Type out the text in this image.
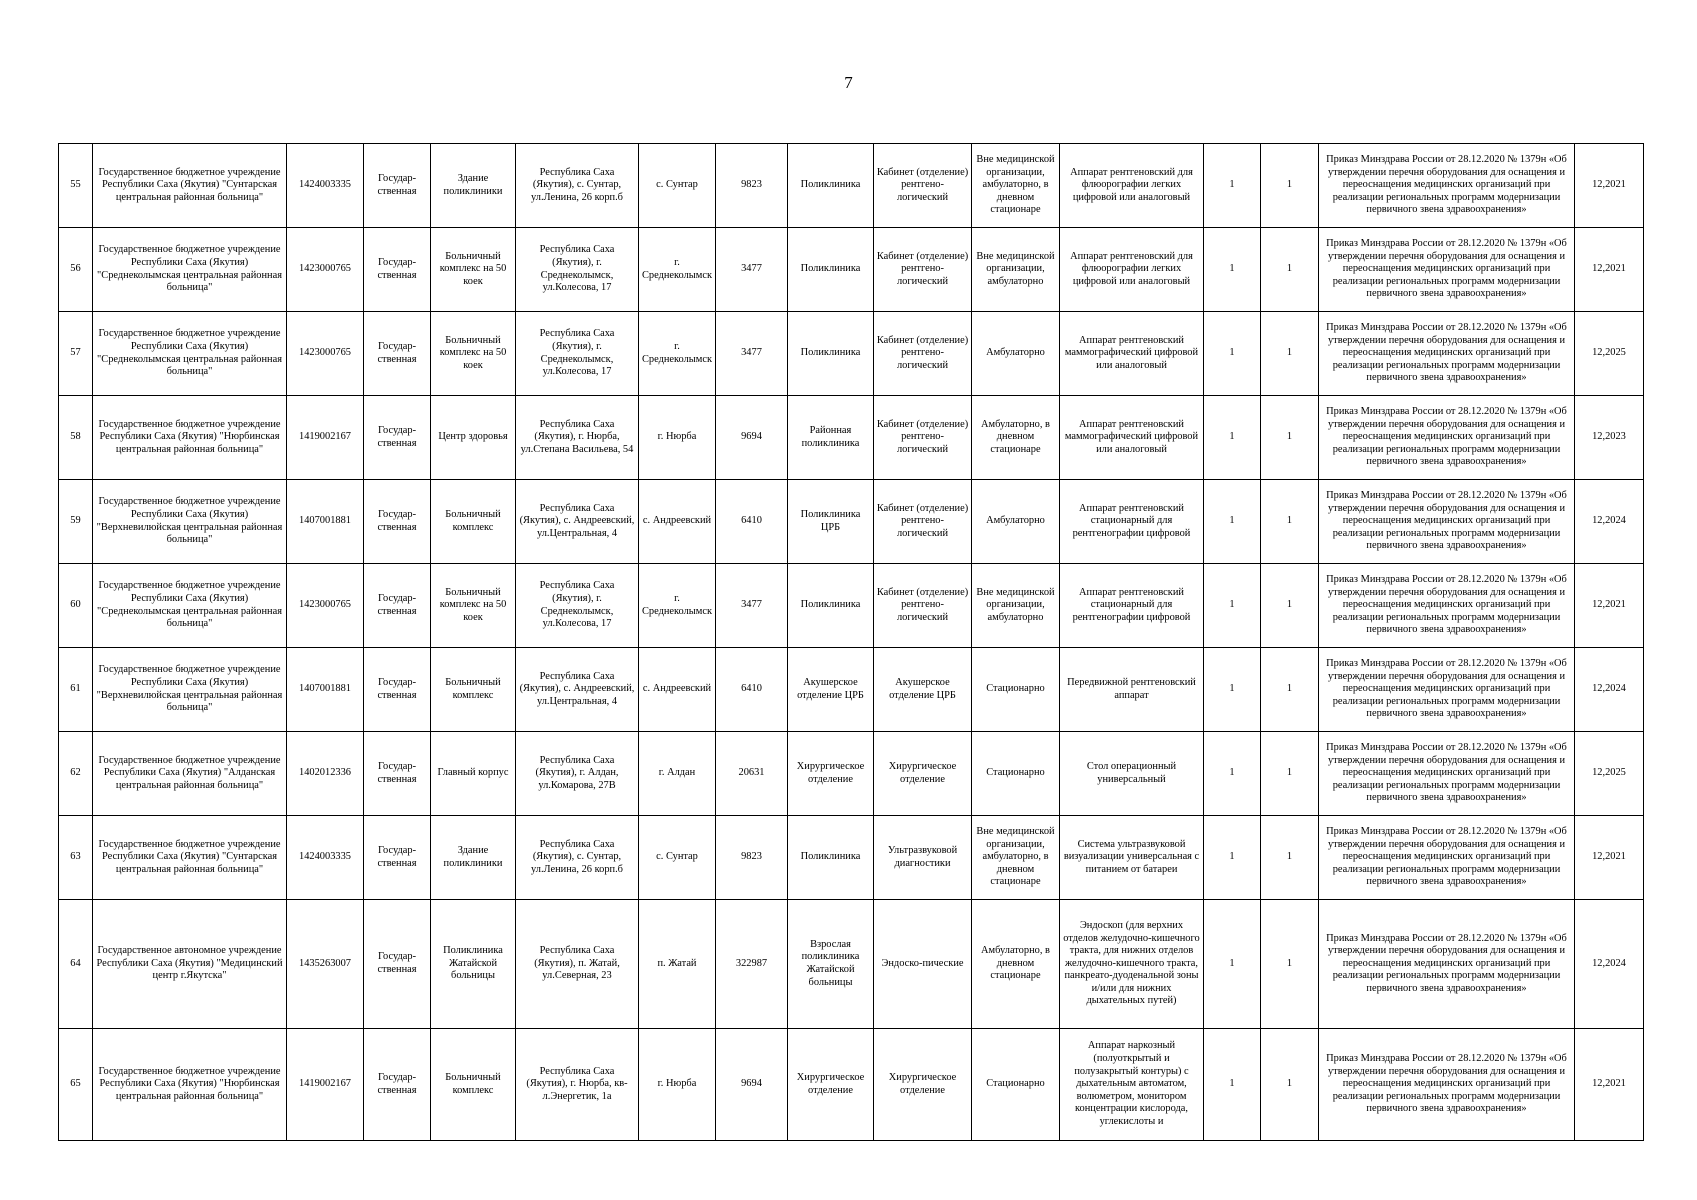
7
55	Государственное бюджетное учреждение Республики Саха (Якутия) "Сунтарская центральная районная больница"	1424003335	Государ-ственная	Здание поликлиники	Республика Саха (Якутия), с. Сунтар, ул.Ленина, 26 корп.б	с. Сунтар	9823	Поликлиника	Кабинет (отделение) рентгено-логический	Вне медицинской организации, амбулаторно, в дневном стационаре	Аппарат рентгеновский для флюорографии легких цифровой или аналоговый	1	1	Приказ Минздрава России от 28.12.2020 № 1379н «Об утверждении перечня оборудования для оснащения и переоснащения медицинских организаций при реализации региональных программ модернизации первичного звена здравоохранения»	12,2021
56	Государственное бюджетное учреждение Республики Саха (Якутия) "Среднеколымская центральная районная больница"	1423000765	Государ-ственная	Больничный комплекс на 50 коек	Республика Саха (Якутия), г. Среднеколымск, ул.Колесова, 17	г. Среднеколымск	3477	Поликлиника	Кабинет (отделение) рентгено-логический	Вне медицинской организации, амбулаторно	Аппарат рентгеновский для флюорографии легких цифровой или аналоговый	1	1	Приказ Минздрава России от 28.12.2020 № 1379н «Об утверждении перечня оборудования для оснащения и переоснащения медицинских организаций при реализации региональных программ модернизации первичного звена здравоохранения»	12,2021
57	Государственное бюджетное учреждение Республики Саха (Якутия) "Среднеколымская центральная районная больница"	1423000765	Государ-ственная	Больничный комплекс на 50 коек	Республика Саха (Якутия), г. Среднеколымск, ул.Колесова, 17	г. Среднеколымск	3477	Поликлиника	Кабинет (отделение) рентгено-логический	Амбулаторно	Аппарат рентгеновский маммографический цифровой или аналоговый	1	1	Приказ Минздрава России от 28.12.2020 № 1379н «Об утверждении перечня оборудования для оснащения и переоснащения медицинских организаций при реализации региональных программ модернизации первичного звена здравоохранения»	12,2025
58	Государственное бюджетное учреждение Республики Саха (Якутия) "Нюрбинская центральная районная больница"	1419002167	Государ-ственная	Центр здоровья	Республика Саха (Якутия), г. Нюрба, ул.Степана Васильева, 54	г. Нюрба	9694	Районная поликлиника	Кабинет (отделение) рентгено-логический	Амбулаторно, в дневном стационаре	Аппарат рентгеновский маммографический цифровой или аналоговый	1	1	Приказ Минздрава России от 28.12.2020 № 1379н «Об утверждении перечня оборудования для оснащения и переоснащения медицинских организаций при реализации региональных программ модернизации первичного звена здравоохранения»	12,2023
59	Государственное бюджетное учреждение Республики Саха (Якутия) "Верхневилюйская центральная районная больница"	1407001881	Государ-ственная	Больничный комплекс	Республика Саха (Якутия), с. Андреевский, ул.Центральная, 4	с. Андреевский	6410	Поликлиника ЦРБ	Кабинет (отделение) рентгено-логический	Амбулаторно	Аппарат рентгеновский стационарный для рентгенографии цифровой	1	1	Приказ Минздрава России от 28.12.2020 № 1379н «Об утверждении перечня оборудования для оснащения и переоснащения медицинских организаций при реализации региональных программ модернизации первичного звена здравоохранения»	12,2024
60	Государственное бюджетное учреждение Республики Саха (Якутия) "Среднеколымская центральная районная больница"	1423000765	Государ-ственная	Больничный комплекс на 50 коек	Республика Саха (Якутия), г. Среднеколымск, ул.Колесова, 17	г. Среднеколымск	3477	Поликлиника	Кабинет (отделение) рентгено-логический	Вне медицинской организации, амбулаторно	Аппарат рентгеновский стационарный для рентгенографии цифровой	1	1	Приказ Минздрава России от 28.12.2020 № 1379н «Об утверждении перечня оборудования для оснащения и переоснащения медицинских организаций при реализации региональных программ модернизации первичного звена здравоохранения»	12,2021
61	Государственное бюджетное учреждение Республики Саха (Якутия) "Верхневилюйская центральная районная больница"	1407001881	Государ-ственная	Больничный комплекс	Республика Саха (Якутия), с. Андреевский, ул.Центральная, 4	с. Андреевский	6410	Акушерское отделение ЦРБ	Акушерское отделение ЦРБ	Стационарно	Передвижной рентгеновский аппарат	1	1	Приказ Минздрава России от 28.12.2020 № 1379н «Об утверждении перечня оборудования для оснащения и переоснащения медицинских организаций при реализации региональных программ модернизации первичного звена здравоохранения»	12,2024
62	Государственное бюджетное учреждение Республики Саха (Якутия) "Алданская центральная районная больница"	1402012336	Государ-ственная	Главный корпус	Республика Саха (Якутия), г. Алдан, ул.Комарова, 27В	г. Алдан	20631	Хирургическое отделение	Хирургическое отделение	Стационарно	Стол операционный универсальный	1	1	Приказ Минздрава России от 28.12.2020 № 1379н «Об утверждении перечня оборудования для оснащения и переоснащения медицинских организаций при реализации региональных программ модернизации первичного звена здравоохранения»	12,2025
63	Государственное бюджетное учреждение Республики Саха (Якутия) "Сунтарская центральная районная больница"	1424003335	Государ-ственная	Здание поликлиники	Республика Саха (Якутия), с. Сунтар, ул.Ленина, 26 корп.б	с. Сунтар	9823	Поликлиника	Ультразвуковой диагностики	Вне медицинской организации, амбулаторно, в дневном стационаре	Система ультразвуковой визуализации универсальная с питанием от батареи	1	1	Приказ Минздрава России от 28.12.2020 № 1379н «Об утверждении перечня оборудования для оснащения и переоснащения медицинских организаций при реализации региональных программ модернизации первичного звена здравоохранения»	12,2021
64	Государственное автономное учреждение Республики Саха (Якутия) "Медицинский центр г.Якутска"	1435263007	Государ-ственная	Поликлиника Жатайской больницы	Республика Саха (Якутия), п. Жатай, ул.Северная, 23	п. Жатай	322987	Взрослая поликлиника Жатайской больницы	Эндоско-пические	Амбулаторно, в дневном стационаре	Эндоскоп (для верхних отделов желудочно-кишечного тракта, для нижних отделов желудочно-кишечного тракта, панкреато-дуоденальной зоны и/или для нижних дыхательных путей)	1	1	Приказ Минздрава России от 28.12.2020 № 1379н «Об утверждении перечня оборудования для оснащения и переоснащения медицинских организаций при реализации региональных программ модернизации первичного звена здравоохранения»	12,2024
65	Государственное бюджетное учреждение Республики Саха (Якутия) "Нюрбинская центральная районная больница"	1419002167	Государ-ственная	Больничный комплекс	Республика Саха (Якутия), г. Нюрба, кв-л.Энергетик, 1а	г. Нюрба	9694	Хирургическое отделение	Хирургическое отделение	Стационарно	Аппарат наркозный (полуоткрытый и полузакрытый контуры) с дыхательным автоматом, волюметром, монитором концентрации кислорода, углекислоты и	1	1	Приказ Минздрава России от 28.12.2020 № 1379н «Об утверждении перечня оборудования для оснащения и переоснащения медицинских организаций при реализации региональных программ модернизации первичного звена здравоохранения»	12,2021
